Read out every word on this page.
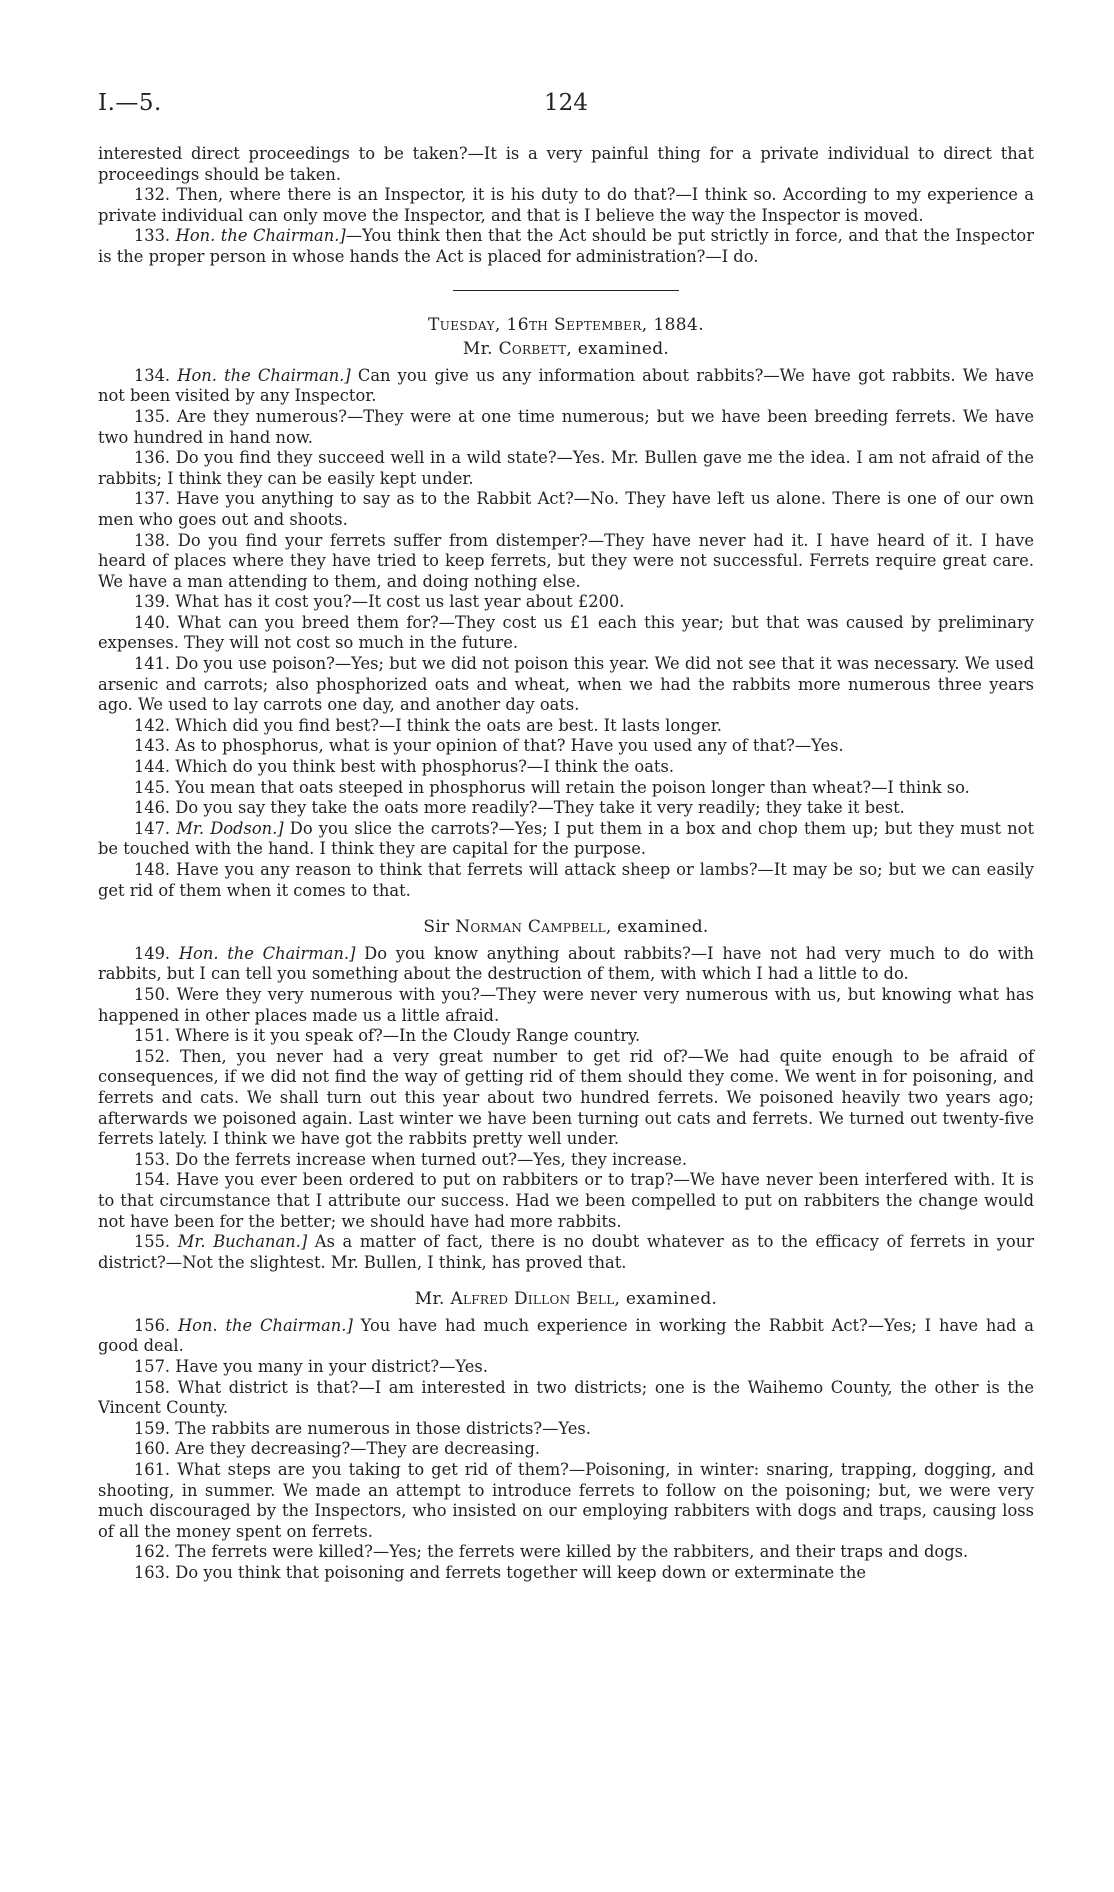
I.—5.	124

interested direct proceedings to be taken?—It is a very painful thing for a private individual to direct that proceedings should be taken.

132. Then, where there is an Inspector, it is his duty to do that?—I think so. According to my experience a private individual can only move the Inspector, and that is I believe the way the Inspector is moved.

133. Hon. the Chairman.]—You think then that the Act should be put strictly in force, and that the Inspector is the proper person in whose hands the Act is placed for administration?—I do.

Tuesday, 16th September, 1884.
Mr. Corbett, examined.

134. Hon. the Chairman.] Can you give us any information about rabbits?—We have got rabbits. We have not been visited by any Inspector.

135. Are they numerous?—They were at one time numerous; but we have been breeding ferrets. We have two hundred in hand now.

136. Do you find they succeed well in a wild state?—Yes. Mr. Bullen gave me the idea. I am not afraid of the rabbits; I think they can be easily kept under.

137. Have you anything to say as to the Rabbit Act?—No. They have left us alone. There is one of our own men who goes out and shoots.

138. Do you find your ferrets suffer from distemper?—They have never had it. I have heard of it. I have heard of places where they have tried to keep ferrets, but they were not successful. Ferrets require great care. We have a man attending to them, and doing nothing else.

139. What has it cost you?—It cost us last year about £200.

140. What can you breed them for?—They cost us £1 each this year; but that was caused by preliminary expenses. They will not cost so much in the future.

141. Do you use poison?—Yes; but we did not poison this year. We did not see that it was necessary. We used arsenic and carrots; also phosphorized oats and wheat, when we had the rabbits more numerous three years ago. We used to lay carrots one day, and another day oats.

142. Which did you find best?—I think the oats are best. It lasts longer.

143. As to phosphorus, what is your opinion of that? Have you used any of that?—Yes.

144. Which do you think best with phosphorus?—I think the oats.

145. You mean that oats steeped in phosphorus will retain the poison longer than wheat?—I think so.

146. Do you say they take the oats more readily?—They take it very readily; they take it best.

147. Mr. Dodson.] Do you slice the carrots?—Yes; I put them in a box and chop them up; but they must not be touched with the hand. I think they are capital for the purpose.

148. Have you any reason to think that ferrets will attack sheep or lambs?—It may be so; but we can easily get rid of them when it comes to that.

Sir Norman Campbell, examined.

149. Hon. the Chairman.] Do you know anything about rabbits?—I have not had very much to do with rabbits, but I can tell you something about the destruction of them, with which I had a little to do.

150. Were they very numerous with you?—They were never very numerous with us, but knowing what has happened in other places made us a little afraid.

151. Where is it you speak of?—In the Cloudy Range country.

152. Then, you never had a very great number to get rid of?—We had quite enough to be afraid of consequences, if we did not find the way of getting rid of them should they come. We went in for poisoning, and ferrets and cats. We shall turn out this year about two hundred ferrets. We poisoned heavily two years ago; afterwards we poisoned again. Last winter we have been turning out cats and ferrets. We turned out twenty-five ferrets lately. I think we have got the rabbits pretty well under.

153. Do the ferrets increase when turned out?—Yes, they increase.

154. Have you ever been ordered to put on rabbiters or to trap?—We have never been interfered with. It is to that circumstance that I attribute our success. Had we been compelled to put on rabbiters the change would not have been for the better; we should have had more rabbits.

155. Mr. Buchanan.] As a matter of fact, there is no doubt whatever as to the efficacy of ferrets in your district?—Not the slightest. Mr. Bullen, I think, has proved that.

Mr. Alfred Dillon Bell, examined.

156. Hon. the Chairman.] You have had much experience in working the Rabbit Act?—Yes; I have had a good deal.

157. Have you many in your district?—Yes.

158. What district is that?—I am interested in two districts; one is the Waihemo County, the other is the Vincent County.

159. The rabbits are numerous in those districts?—Yes.

160. Are they decreasing?—They are decreasing.

161. What steps are you taking to get rid of them?—Poisoning, in winter: snaring, trapping, dogging, and shooting, in summer. We made an attempt to introduce ferrets to follow on the poisoning; but, we were very much discouraged by the Inspectors, who insisted on our employing rabbiters with dogs and traps, causing loss of all the money spent on ferrets.

162. The ferrets were killed?—Yes; the ferrets were killed by the rabbiters, and their traps and dogs.

163. Do you think that poisoning and ferrets together will keep down or exterminate the
